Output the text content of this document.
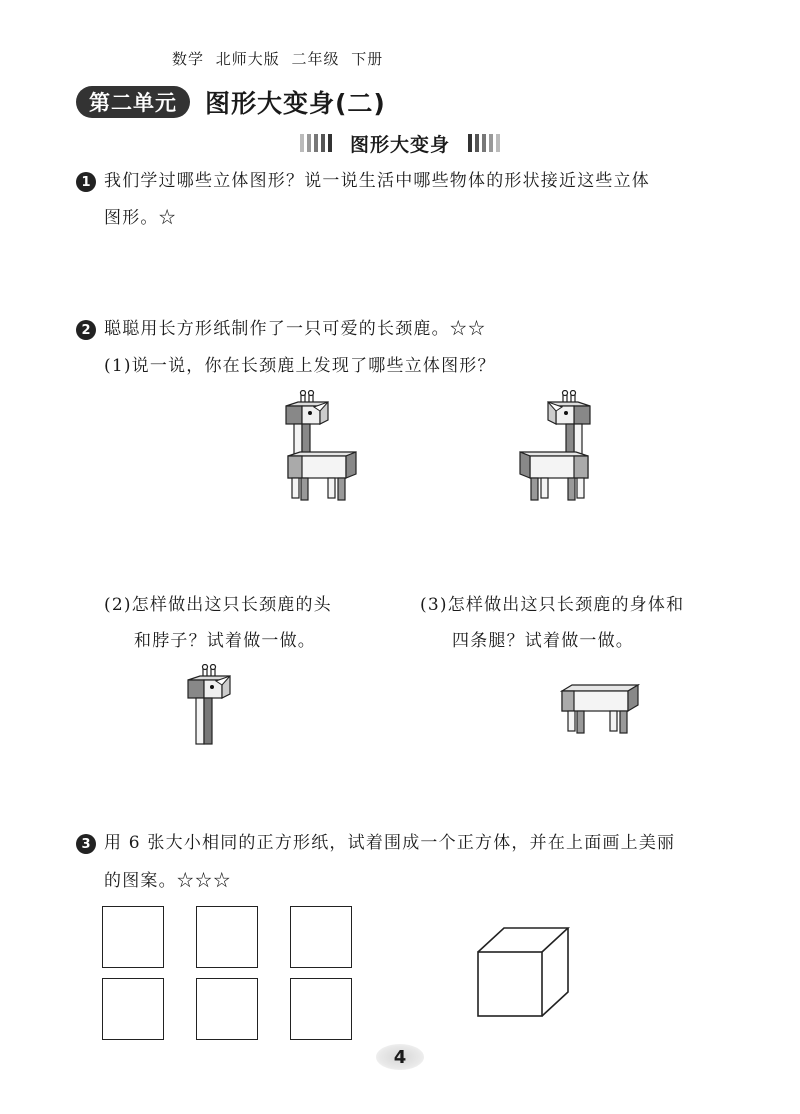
数学 北师大版 二年级 下册
第二单元 图形大变身(二)
图形大变身
1 我们学过哪些立体图形？说一说生活中哪些物体的形状接近这些立体
图形。☆
2 聪聪用长方形纸制作了一只可爱的长颈鹿。☆☆
(1)说一说，你在长颈鹿上发现了哪些立体图形？
(2)怎样做出这只长颈鹿的头
和脖子？试着做一做。
(3)怎样做出这只长颈鹿的身体和
四条腿？试着做一做。
3 用 6 张大小相同的正方形纸，试着围成一个正方体，并在上面画上美丽
的图案。☆☆☆
4
